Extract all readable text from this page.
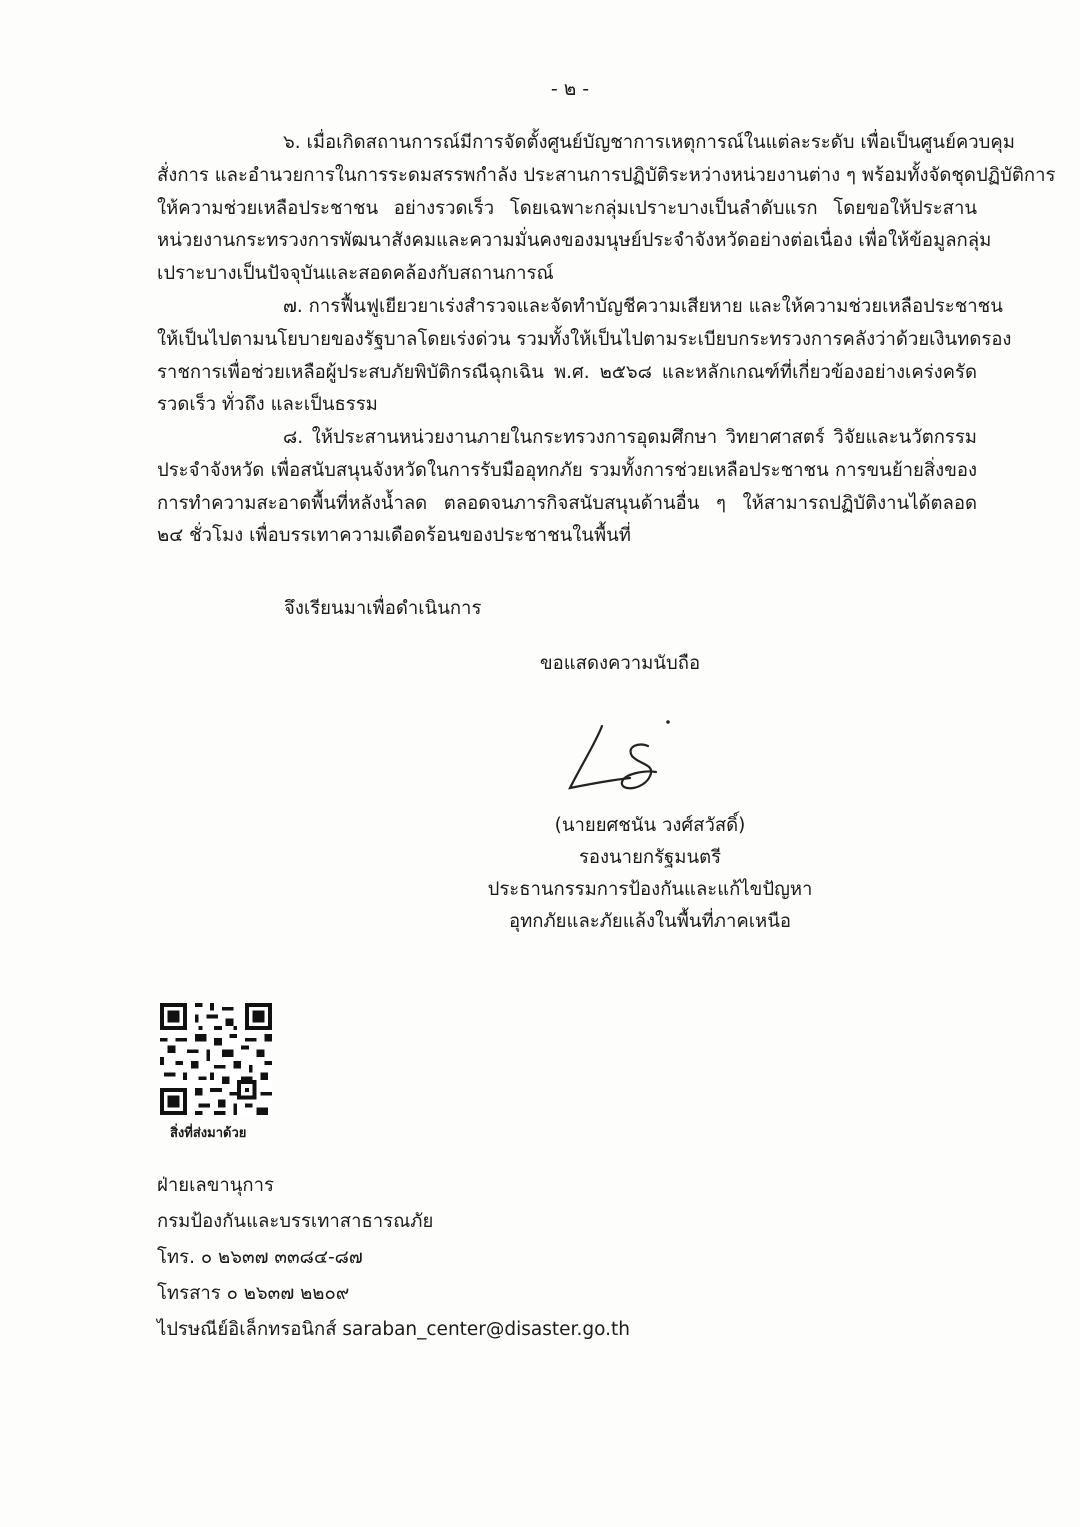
- ๒ -
๖. เมื่อเกิดสถานการณ์มีการจัดตั้งศูนย์บัญชาการเหตุการณ์ในแต่ละระดับ เพื่อเป็นศูนย์ควบคุม
สั่งการ และอำนวยการในการระดมสรรพกำลัง ประสานการปฏิบัติระหว่างหน่วยงานต่าง ๆ พร้อมทั้งจัดชุดปฏิบัติการ
ให้ความช่วยเหลือประชาชน อย่างรวดเร็ว โดยเฉพาะกลุ่มเปราะบางเป็นลำดับแรก โดยขอให้ประสาน
หน่วยงานกระทรวงการพัฒนาสังคมและความมั่นคงของมนุษย์ประจำจังหวัดอย่างต่อเนื่อง เพื่อให้ข้อมูลกลุ่ม
เปราะบางเป็นปัจจุบันและสอดคล้องกับสถานการณ์
๗. การฟื้นฟูเยียวยาเร่งสำรวจและจัดทำบัญชีความเสียหาย และให้ความช่วยเหลือประชาชน
ให้เป็นไปตามนโยบายของรัฐบาลโดยเร่งด่วน รวมทั้งให้เป็นไปตามระเบียบกระทรวงการคลังว่าด้วยเงินทดรอง
ราชการเพื่อช่วยเหลือผู้ประสบภัยพิบัติกรณีฉุกเฉิน พ.ศ. ๒๕๖๘ และหลักเกณฑ์ที่เกี่ยวข้องอย่างเคร่งครัด
รวดเร็ว ทั่วถึง และเป็นธรรม
๘. ให้ประสานหน่วยงานภายในกระทรวงการอุดมศึกษา วิทยาศาสตร์ วิจัยและนวัตกรรม
ประจำจังหวัด เพื่อสนับสนุนจังหวัดในการรับมืออุทกภัย รวมทั้งการช่วยเหลือประชาชน การขนย้ายสิ่งของ
การทำความสะอาดพื้นที่หลังน้ำลด ตลอดจนภารกิจสนับสนุนด้านอื่น ๆ ให้สามารถปฏิบัติงานได้ตลอด
๒๔ ชั่วโมง เพื่อบรรเทาความเดือดร้อนของประชาชนในพื้นที่
จึงเรียนมาเพื่อดำเนินการ
ขอแสดงความนับถือ
(นายยศชนัน วงศ์สวัสดิ์)
รองนายกรัฐมนตรี
ประธานกรรมการป้องกันและแก้ไขปัญหา
อุทกภัยและภัยแล้งในพื้นที่ภาคเหนือ
สิ่งที่ส่งมาด้วย
ฝ่ายเลขานุการ
กรมป้องกันและบรรเทาสาธารณภัย
โทร. ๐ ๒๖๓๗ ๓๓๘๔-๘๗
โทรสาร ๐ ๒๖๓๗ ๒๒๐๙
ไปรษณีย์อิเล็กทรอนิกส์ saraban_center@disaster.go.th
